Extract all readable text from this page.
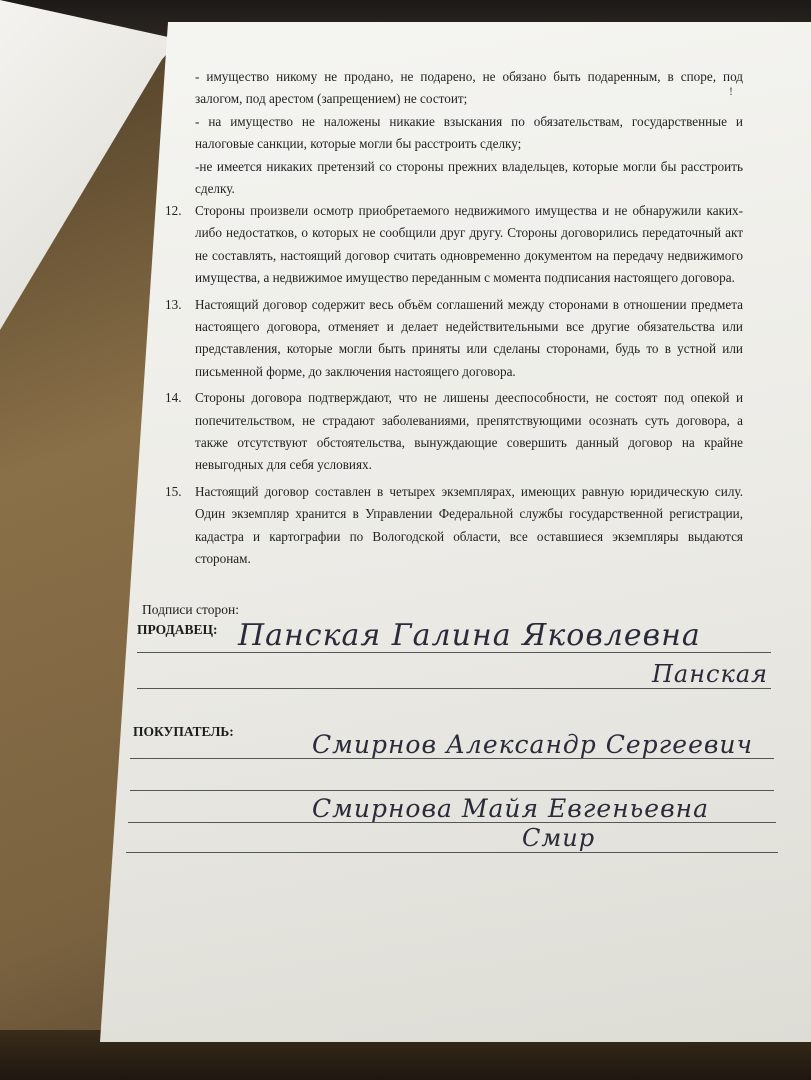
!

- имущество никому не продано, не подарено, не обязано быть подаренным, в споре, под залогом, под арестом (запрещением) не состоит;

- на имущество не наложены никакие взыскания по обязательствам, государственные и налоговые санкции, которые могли бы расстроить сделку;

-не имеется никаких претензий со стороны прежних владельцев, которые могли бы расстроить сделку.

12.	Стороны произвели осмотр приобретаемого недвижимого имущества и не обнаружили каких-либо недостатков, о которых не сообщили друг другу. Стороны договорились передаточный акт не составлять, настоящий договор считать одновременно документом на передачу недвижимого имущества, а недвижимое имущество переданным с момента подписания настоящего договора.
13.	Настоящий договор содержит весь объём соглашений между сторонами в отношении предмета настоящего договора, отменяет и делает недействительными все другие обязательства или представления, которые могли быть приняты или сделаны сторонами, будь то в устной или письменной форме, до заключения настоящего договора.
14.	Стороны договора подтверждают, что не лишены дееспособности, не состоят под опекой и попечительством, не страдают заболеваниями, препятствующими осознать суть договора, а также отсутствуют обстоятельства, вынуждающие совершить данный договор на крайне невыгодных для себя условиях.
15.	Настоящий договор составлен в четырех экземплярах, имеющих равную юридическую силу. Один экземпляр хранится в Управлении Федеральной службы государственной регистрации, кадастра и картографии по Вологодской области, все оставшиеся экземпляры выдаются сторонам.
Подписи сторон:
ПРОДАВЕЦ: Панская Галина Яковлевна
Панская
ПОКУПАТЕЛЬ:	Смирнов Александр Сергеевич
Смирнова Майя Евгеньевна
Смир
